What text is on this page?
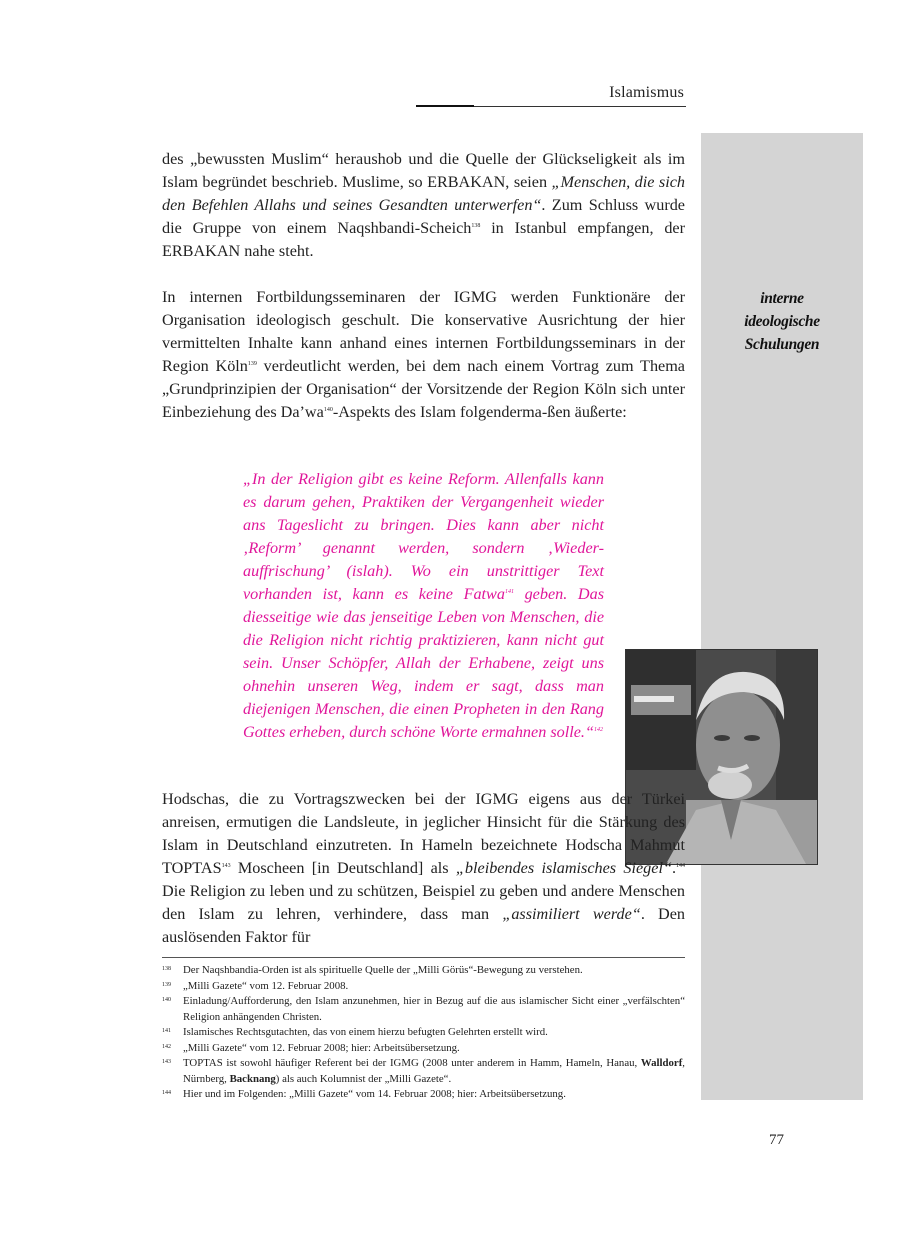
Islamismus
interne
ideologische
Schulungen

des „bewussten Muslim“ heraushob und die Quelle der Glückseligkeit als im Islam begründet beschrieb. Muslime, so ERBAKAN, seien „Menschen, die sich den Befehlen Allahs und seines Gesandten unterwerfen“. Zum Schluss wurde die Gruppe von einem Naqshbandi-Scheich$^{138}$ in Istanbul empfangen, der ERBAKAN nahe steht.

In internen Fortbildungsseminaren der IGMG werden Funktionäre der Organisation ideologisch geschult. Die konservative Ausrichtung der hier vermittelten Inhalte kann anhand eines internen Fortbildungsseminars in der Region Köln$^{139}$ verdeutlicht werden, bei dem nach einem Vortrag zum Thema „Grundprinzipien der Organisation“ der Vorsitzende der Region Köln sich unter Einbeziehung des $Da’wa^{140}$-Aspekts des Islam folgenderma-ßen äußerte:

„In der Religion gibt es keine Reform. Allenfalls kann es darum gehen, Praktiken der Vergangenheit wieder ans Tageslicht zu bringen. Dies kann aber nicht ‚Reform’ genannt werden, sondern ‚Wieder-auffrischung’ (islah). Wo ein unstrittiger Text vorhanden ist, kann es keine Fatwa$^{141}$ geben. Das diesseitige wie das jenseitige Leben von Menschen, die die Religion nicht richtig praktizieren, kann nicht gut sein. Unser Schöpfer, Allah der Erhabene, zeigt uns ohnehin unseren Weg, indem er sagt, dass man diejenigen Menschen, die einen Propheten in den Rang Gottes erheben, durch schöne Worte ermahnen solle.“$^{142}$

Hodschas, die zu Vortragszwecken bei der IGMG eigens aus der Türkei anreisen, ermutigen die Landsleute, in jeglicher Hinsicht für die Stärkung des Islam in Deutschland einzutreten. In Hameln bezeichnete Hodscha Mahmut TOPTAS$^{143}$ Moscheen [in Deutschland] als „bleibendes islamisches Siegel“.$^{144}$ Die Religion zu leben und zu schützen, Beispiel zu geben und andere Menschen den Islam zu lehren, verhindere, dass man „assimiliert werde“. Den auslösenden Faktor für

138	Der Naqshbandia-Orden ist als spirituelle Quelle der „Milli Görüs“-Bewegung zu verstehen.
139	„Milli Gazete“ vom 12. Februar 2008.
140	Einladung/Aufforderung, den Islam anzunehmen, hier in Bezug auf die aus islamischer Sicht einer „verfälschten“ Religion anhängenden Christen.
141	Islamisches Rechtsgutachten, das von einem hierzu befugten Gelehrten erstellt wird.
142	„Milli Gazete“ vom 12. Februar 2008; hier: Arbeitsübersetzung.
143	TOPTAS ist sowohl häufiger Referent bei der IGMG (2008 unter anderem in Hamm, Hameln, Hanau, Walldorf, Nürnberg, Backnang) als auch Kolumnist der „Milli Gazete“.
144	Hier und im Folgenden: „Milli Gazete“ vom 14. Februar 2008; hier: Arbeitsübersetzung.
77
